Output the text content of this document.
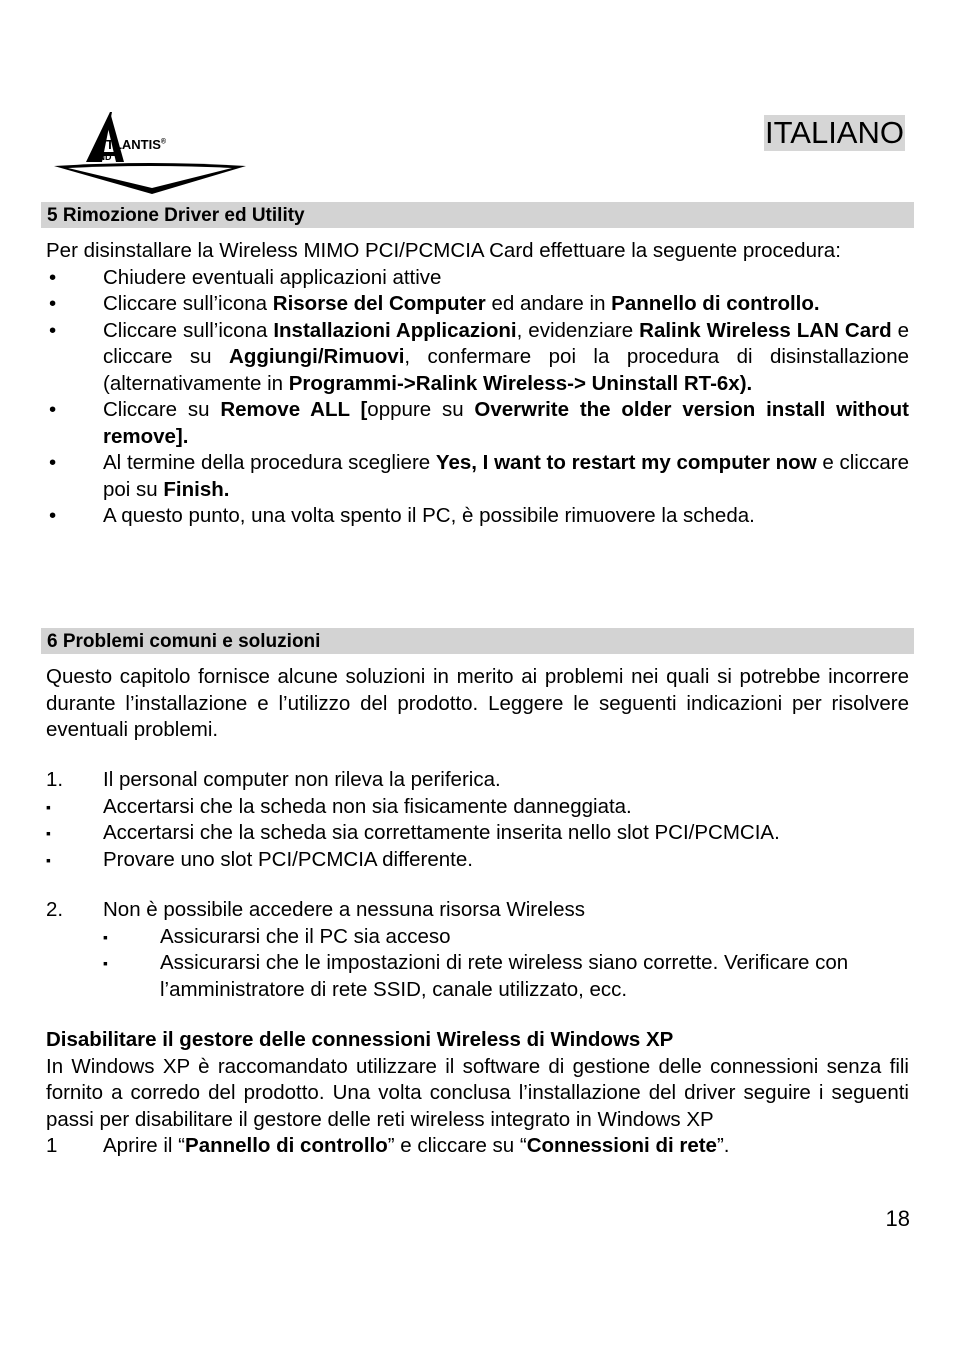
TLANTIS®
AND
ITALIANO
5 Rimozione Driver ed Utility

Per disinstallare la Wireless MIMO PCI/PCMCIA Card effettuare la seguente procedura:

• Chiudere eventuali applicazioni attive
• Cliccare sull’icona Risorse del Computer ed andare in Pannello di controllo.
• Cliccare sull’icona Installazioni Applicazioni, evidenziare Ralink Wireless LAN Card e cliccare su Aggiungi/Rimuovi, confermare poi la procedura di disinstallazione (alternativamente in Programmi->Ralink Wireless-> Uninstall RT-6x).
• Cliccare su Remove ALL [oppure su Overwrite the older version install without remove].
• Al termine della procedura scegliere Yes, I want to restart my computer now e cliccare poi su Finish.
• A questo punto, una volta spento il PC, è possibile rimuovere la scheda.
6 Problemi comuni e soluzioni

Questo capitolo fornisce alcune soluzioni in merito ai problemi nei quali si potrebbe incorrere durante l’installazione e l’utilizzo del prodotto. Leggere le seguenti indicazioni per risolvere eventuali problemi.

1. Il personal computer non rileva la periferica.
▪	Accertarsi che la scheda non sia fisicamente danneggiata.
▪	Accertarsi che la scheda sia correttamente inserita nello slot PCI/PCMCIA.
▪	Provare uno slot PCI/PCMCIA differente.
2. Non è possibile accedere a nessuna risorsa Wireless
▪	Assicurarsi che il PC sia acceso
▪	Assicurarsi che le impostazioni di rete wireless siano corrette. Verificare con l’amministratore di rete SSID, canale utilizzato, ecc.

Disabilitare il gestore delle connessioni Wireless di Windows XP

In Windows XP è raccomandato utilizzare il software di gestione delle connessioni senza fili fornito a corredo del prodotto. Una volta conclusa l’installazione del driver seguire i seguenti passi per disabilitare il gestore delle reti wireless integrato in Windows XP

1 Aprire il “Pannello di controllo” e cliccare su “Connessioni di rete”.
18
